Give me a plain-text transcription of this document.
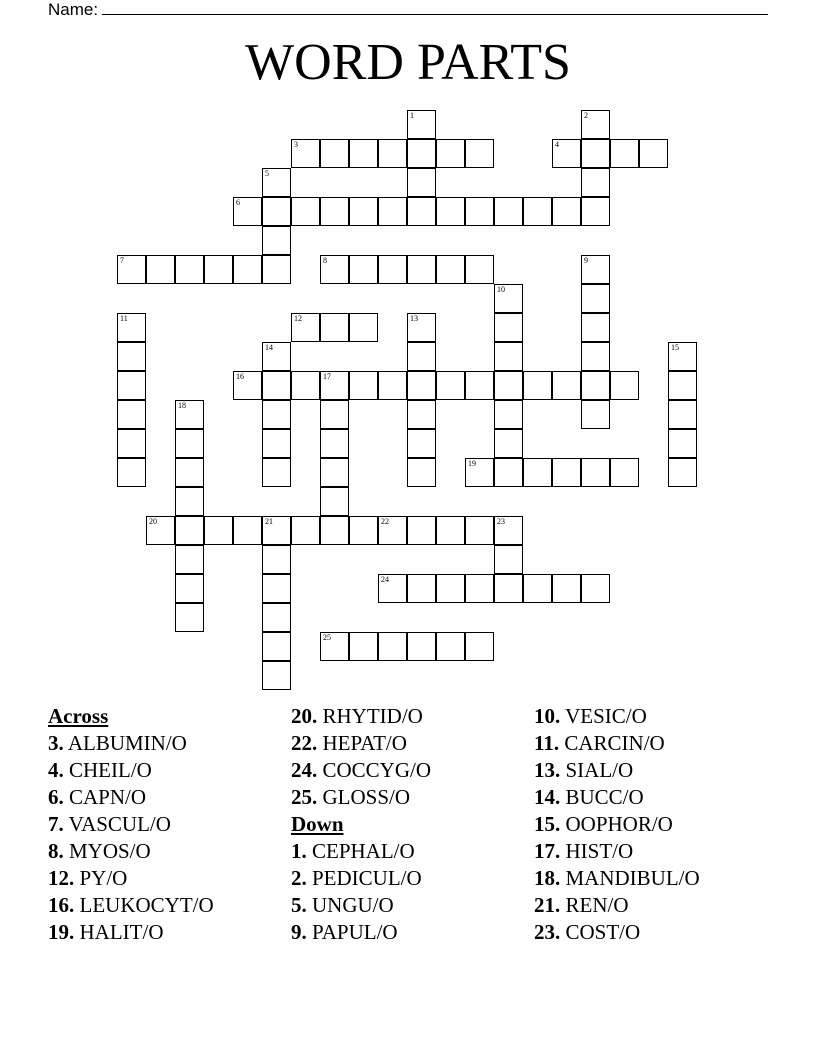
Name:
WORD PARTS
3	4
6
7	8
12
16	17
19
20	21	22	23
24
25
1	2
5
9
10
11	13
14	15
18
Across
3. ALBUMIN/O
4. CHEIL/O
6. CAPN/O
7. VASCUL/O
8. MYOS/O
12. PY/O
16. LEUKOCYT/O
19. HALIT/O
20. RHYTID/O
22. HEPAT/O
24. COCCYG/O
25. GLOSS/O
Down
1. CEPHAL/O
2. PEDICUL/O
5. UNGU/O
9. PAPUL/O
10. VESIC/O
11. CARCIN/O
13. SIAL/O
14. BUCC/O
15. OOPHOR/O
17. HIST/O
18. MANDIBUL/O
21. REN/O
23. COST/O
